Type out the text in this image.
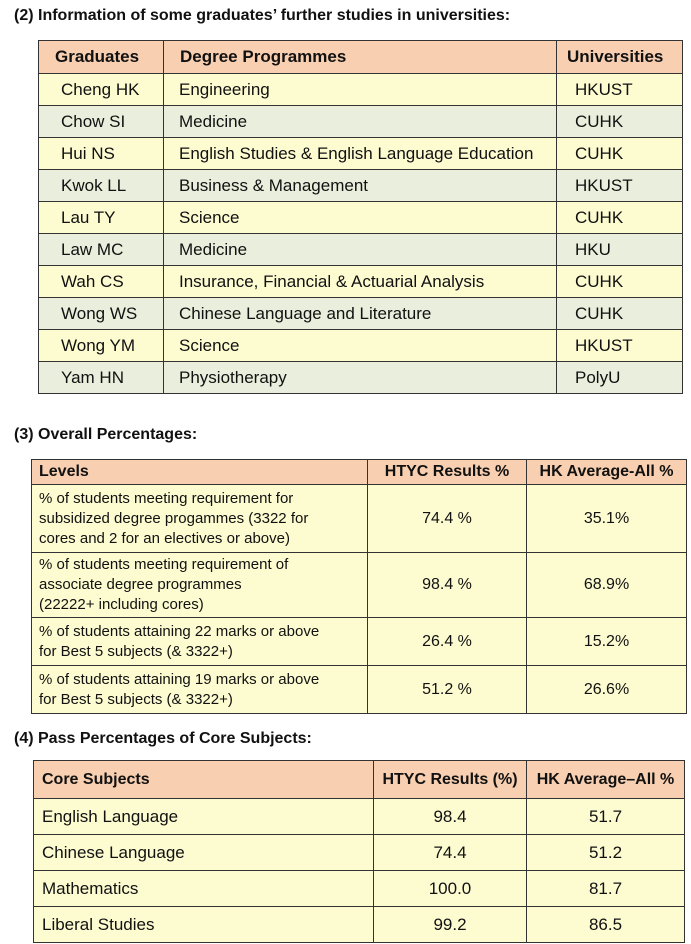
(2) Information of some graduates’ further studies in universities:
Graduates	Degree Programmes	Universities
Cheng HK	Engineering	HKUST
Chow SI	Medicine	CUHK
Hui NS	English Studies & English Language Education	CUHK
Kwok LL	Business & Management	HKUST
Lau TY	Science	CUHK
Law MC	Medicine	HKU
Wah CS	Insurance, Financial & Actuarial Analysis	CUHK
Wong WS	Chinese Language and Literature	CUHK
Wong YM	Science	HKUST
Yam HN	Physiotherapy	PolyU
(3) Overall Percentages:
Levels	HTYC Results %	HK Average-All %

% of students meeting requirement for
subsidized degree progammes (3322 for
cores and 2 for an electives or above)	74.4 %	35.1%

% of students meeting requirement of
associate degree programmes
(22222+ including cores)	98.4 %	68.9%

% of students attaining 22 marks or above
for Best 5 subjects (& 3322+)	26.4 %	15.2%

% of students attaining 19 marks or above
for Best 5 subjects (& 3322+)	51.2 %	26.6%
(4) Pass Percentages of Core Subjects:
Core Subjects	HTYC Results (%)	HK Average–All %
English Language	98.4	51.7
Chinese Language	74.4	51.2
Mathematics	100.0	81.7
Liberal Studies	99.2	86.5
